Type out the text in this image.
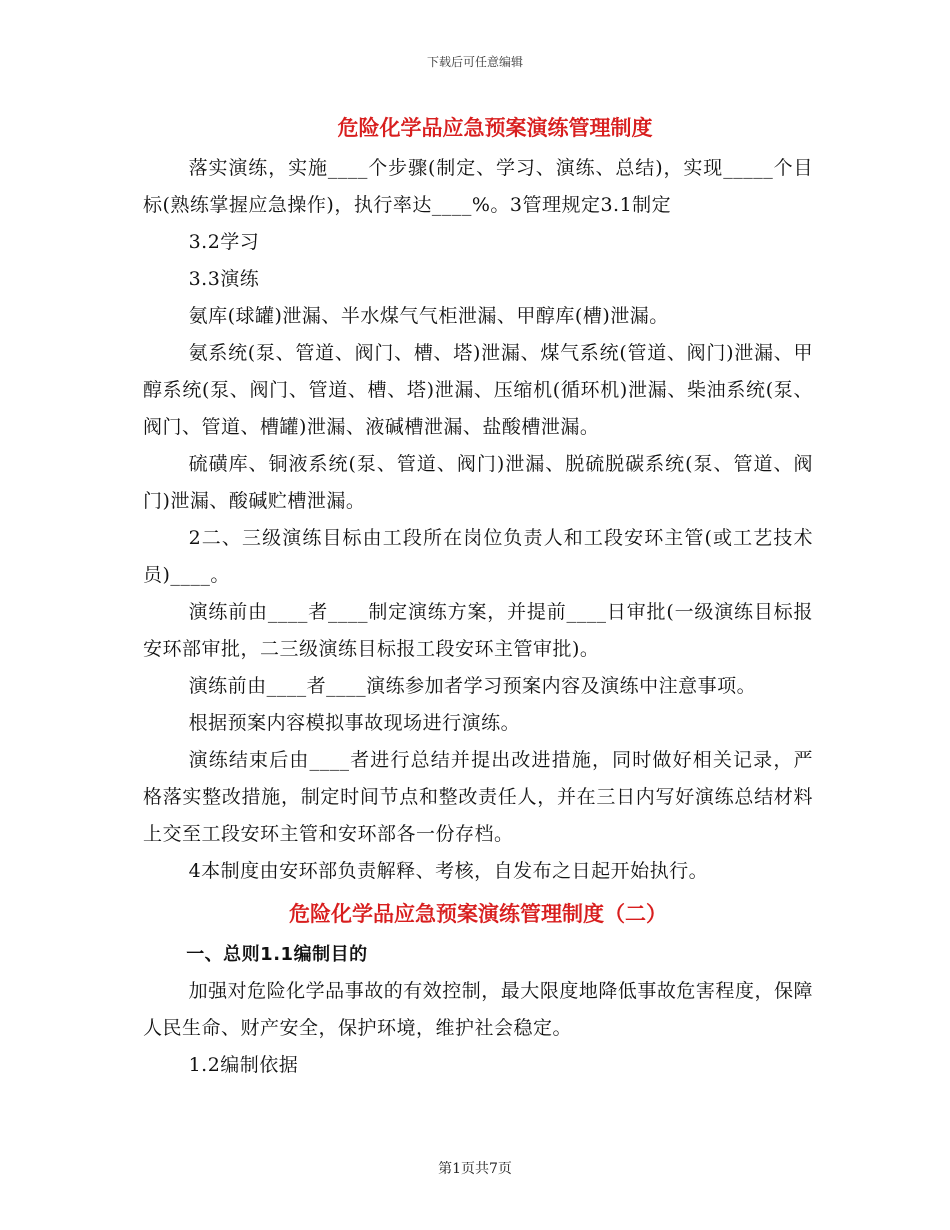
下载后可任意编辑
危险化学品应急预案演练管理制度

落实演练，实施____个步骤(制定、学习、演练、总结)，实现_____个目标(熟练掌握应急操作)，执行率达____%。3管理规定3.1制定

3.2学习

3.3演练

氨库(球罐)泄漏、半水煤气气柜泄漏、甲醇库(槽)泄漏。

氨系统(泵、管道、阀门、槽、塔)泄漏、煤气系统(管道、阀门)泄漏、甲醇系统(泵、阀门、管道、槽、塔)泄漏、压缩机(循环机)泄漏、柴油系统(泵、阀门、管道、槽罐)泄漏、液碱槽泄漏、盐酸槽泄漏。

硫磺库、铜液系统(泵、管道、阀门)泄漏、脱硫脱碳系统(泵、管道、阀门)泄漏、酸碱贮槽泄漏。

2二、三级演练目标由工段所在岗位负责人和工段安环主管(或工艺技术员)____。

演练前由____者____制定演练方案，并提前____日审批(一级演练目标报安环部审批，二三级演练目标报工段安环主管审批)。

演练前由____者____演练参加者学习预案内容及演练中注意事项。

根据预案内容模拟事故现场进行演练。

演练结束后由____者进行总结并提出改进措施，同时做好相关记录，严格落实整改措施，制定时间节点和整改责任人，并在三日内写好演练总结材料上交至工段安环主管和安环部各一份存档。

4本制度由安环部负责解释、考核，自发布之日起开始执行。

危险化学品应急预案演练管理制度（二）

一、总则1.1编制目的

加强对危险化学品事故的有效控制，最大限度地降低事故危害程度，保障人民生命、财产安全，保护环境，维护社会稳定。

1.2编制依据

第1页共7页
